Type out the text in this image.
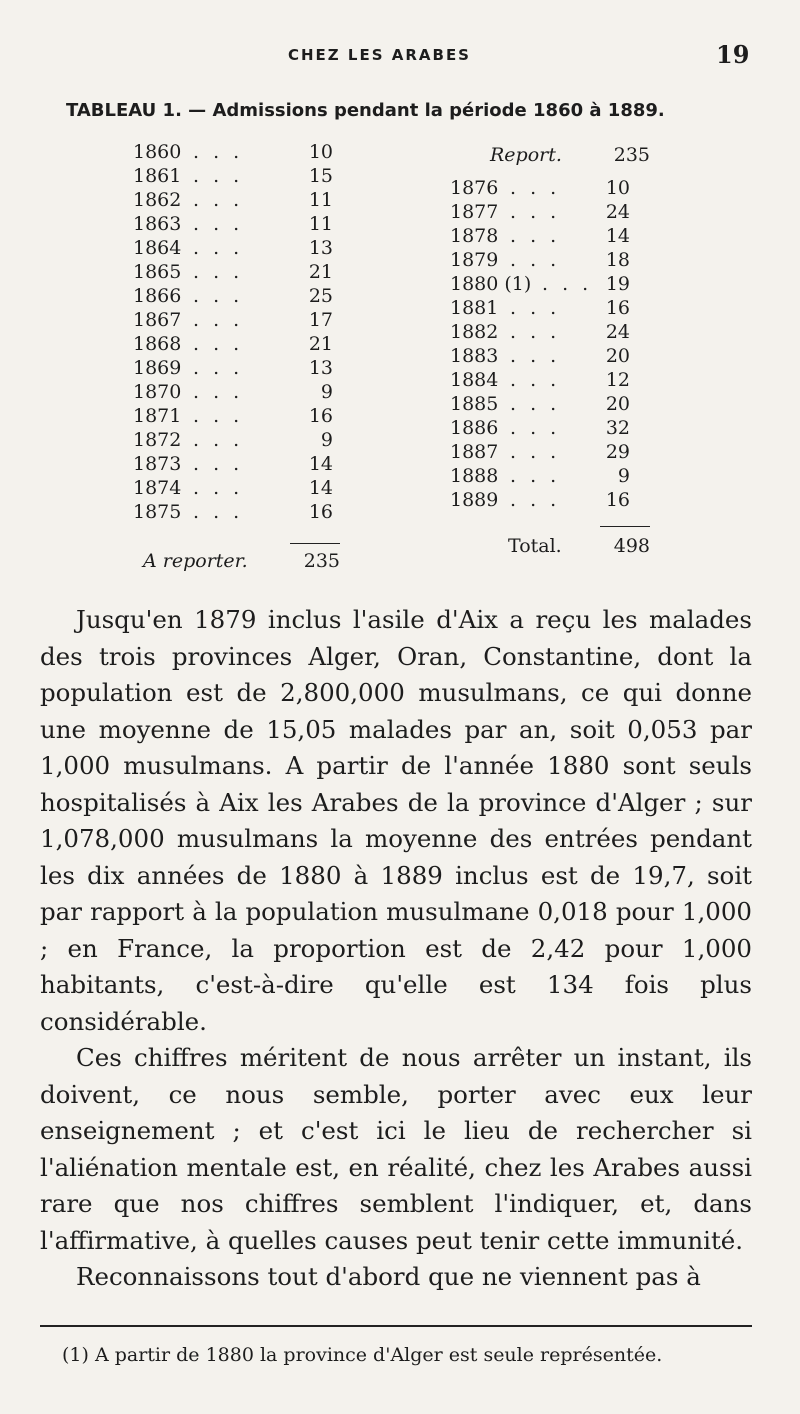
CHEZ LES ARABES	19
TABLEAU 1. — Admissions pendant la période 1860 à 1889.
1860 . . .	10
1861 . . .	15
1862 . . .	11
1863 . . .	11
1864 . . .	13
1865 . . .	21
1866 . . .	25
1867 . . .	17
1868 . . .	21
1869 . . .	13
1870 . . .	9
1871 . . .	16
1872 . . .	9
1873 . . .	14
1874 . . .	14
1875 . . .	16
Report.	235
1876 . . .	10
1877 . . .	24
1878 . . .	14
1879 . . .	18
1880 (1) . . . 19
1881 . . .	16
1882 . . .	24
1883 . . .	20
1884 . . .	12
1885 . . .	20
1886 . . .	32
1887 . . .	29
1888 . . .	9
1889 . . .	16
A reporter.	235
Total.	498

Jusqu'en 1879 inclus l'asile d'Aix a reçu les malades des trois provinces Alger, Oran, Constantine, dont la population est de 2,800,000 musulmans, ce qui donne une moyenne de 15,05 malades par an, soit 0,053 par 1,000 musulmans. A partir de l'année 1880 sont seuls hospitalisés à Aix les Arabes de la province d'Alger ; sur 1,078,000 musulmans la moyenne des entrées pendant les dix années de 1880 à 1889 inclus est de 19,7, soit par rapport à la population musulmane 0,018 pour 1,000 ; en France, la proportion est de 2,42 pour 1,000 habitants, c'est-à-dire qu'elle est 134 fois plus considérable.

Ces chiffres méritent de nous arrêter un instant, ils doivent, ce nous semble, porter avec eux leur enseignement ; et c'est ici le lieu de rechercher si l'aliénation mentale est, en réalité, chez les Arabes aussi rare que nos chiffres semblent l'indiquer, et, dans l'affirmative, à quelles causes peut tenir cette immunité.

Reconnaissons tout d'abord que ne viennent pas à

(1) A partir de 1880 la province d'Alger est seule représentée.
